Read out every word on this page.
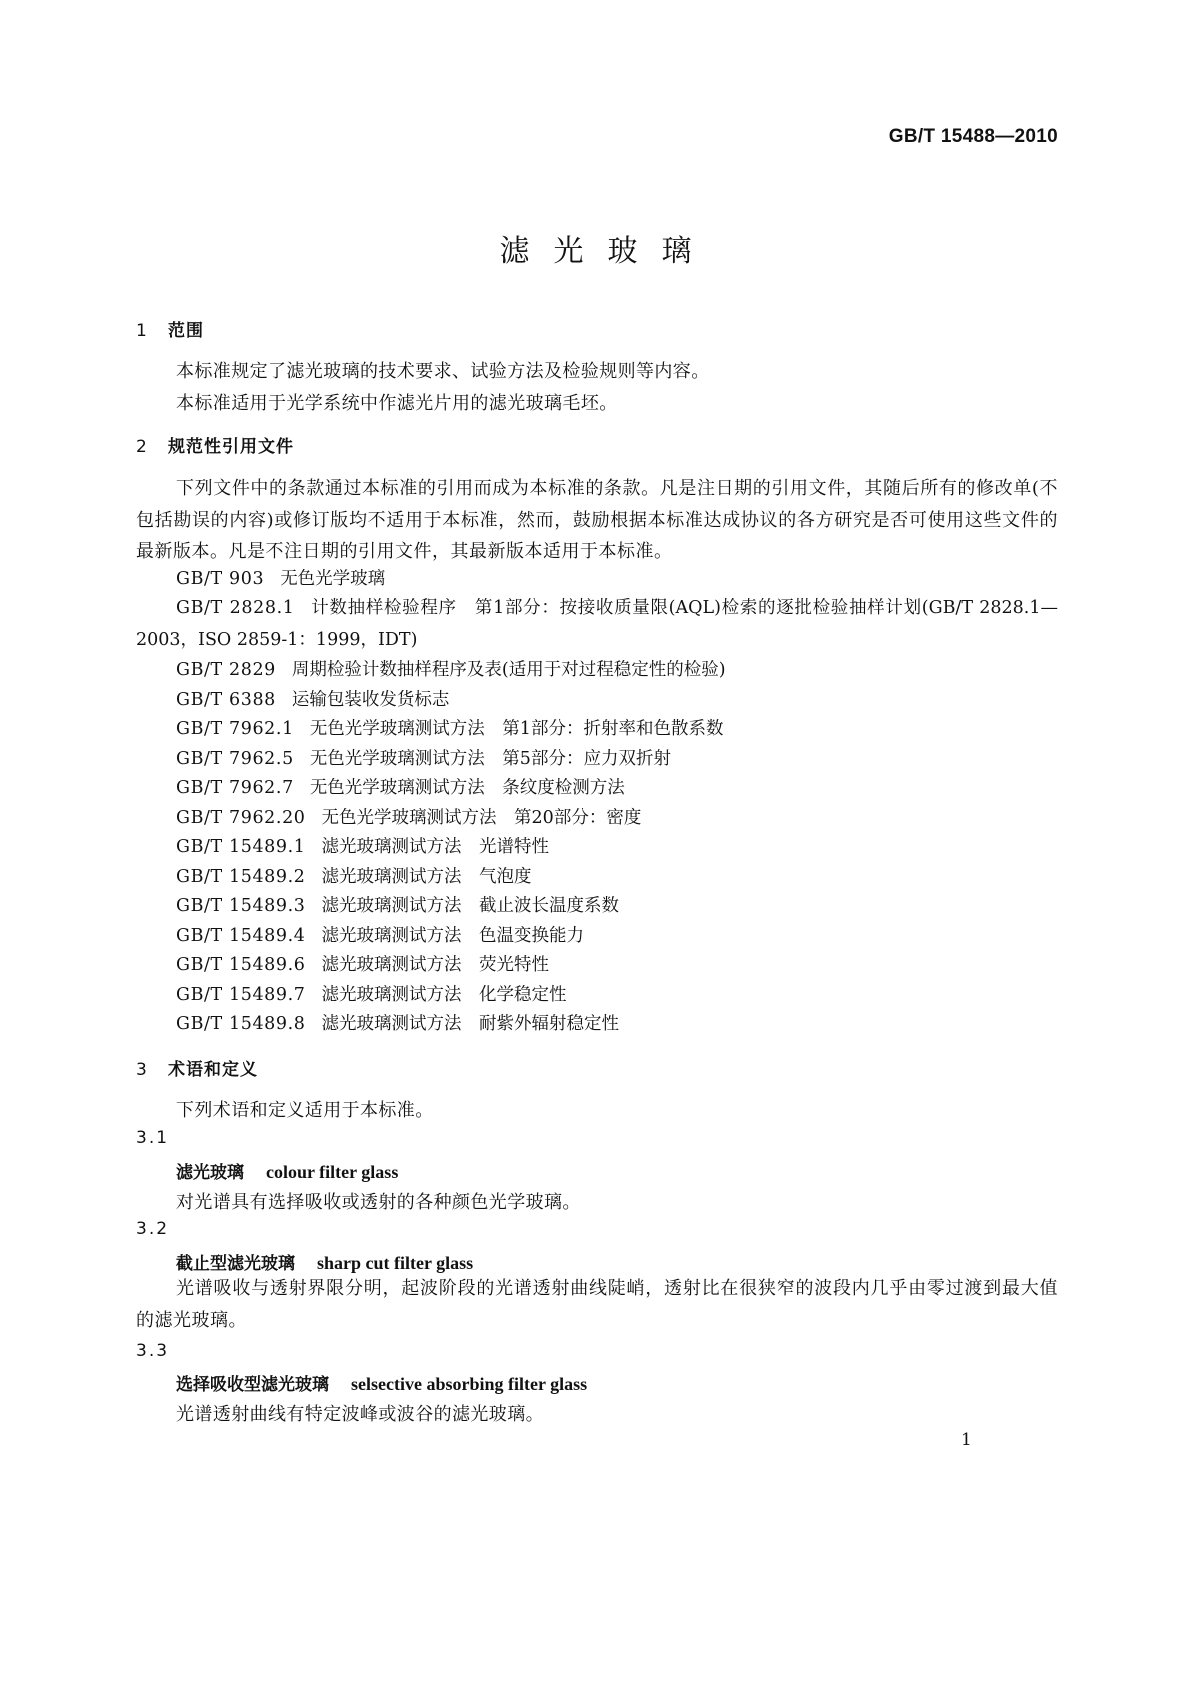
GB/T 15488—2010
滤光玻璃
1 范围
本标准规定了滤光玻璃的技术要求、试验方法及检验规则等内容。
本标准适用于光学系统中作滤光片用的滤光玻璃毛坯。
2 规范性引用文件
下列文件中的条款通过本标准的引用而成为本标准的条款。凡是注日期的引用文件，其随后所有的修改单(不包括勘误的内容)或修订版均不适用于本标准，然而，鼓励根据本标准达成协议的各方研究是否可使用这些文件的最新版本。凡是不注日期的引用文件，其最新版本适用于本标准。
GB/T 903 无色光学玻璃
GB/T 2828.1 计数抽样检验程序　第1部分：按接收质量限(AQL)检索的逐批检验抽样计划(GB/T 2828.1—2003，ISO 2859-1：1999，IDT)
GB/T 2829 周期检验计数抽样程序及表(适用于对过程稳定性的检验)
GB/T 6388 运输包装收发货标志
GB/T 7962.1 无色光学玻璃测试方法　第1部分：折射率和色散系数
GB/T 7962.5 无色光学玻璃测试方法　第5部分：应力双折射
GB/T 7962.7 无色光学玻璃测试方法　条纹度检测方法
GB/T 7962.20 无色光学玻璃测试方法　第20部分：密度
GB/T 15489.1 滤光玻璃测试方法　光谱特性
GB/T 15489.2 滤光玻璃测试方法　气泡度
GB/T 15489.3 滤光玻璃测试方法　截止波长温度系数
GB/T 15489.4 滤光玻璃测试方法　色温变换能力
GB/T 15489.6 滤光玻璃测试方法　荧光特性
GB/T 15489.7 滤光玻璃测试方法　化学稳定性
GB/T 15489.8 滤光玻璃测试方法　耐紫外辐射稳定性
3 术语和定义
下列术语和定义适用于本标准。
3.1
滤光玻璃 colour filter glass
对光谱具有选择吸收或透射的各种颜色光学玻璃。
3.2
截止型滤光玻璃 sharp cut filter glass
光谱吸收与透射界限分明，起波阶段的光谱透射曲线陡峭，透射比在很狭窄的波段内几乎由零过渡到最大值的滤光玻璃。
3.3
选择吸收型滤光玻璃 selsective absorbing filter glass
光谱透射曲线有特定波峰或波谷的滤光玻璃。
1
